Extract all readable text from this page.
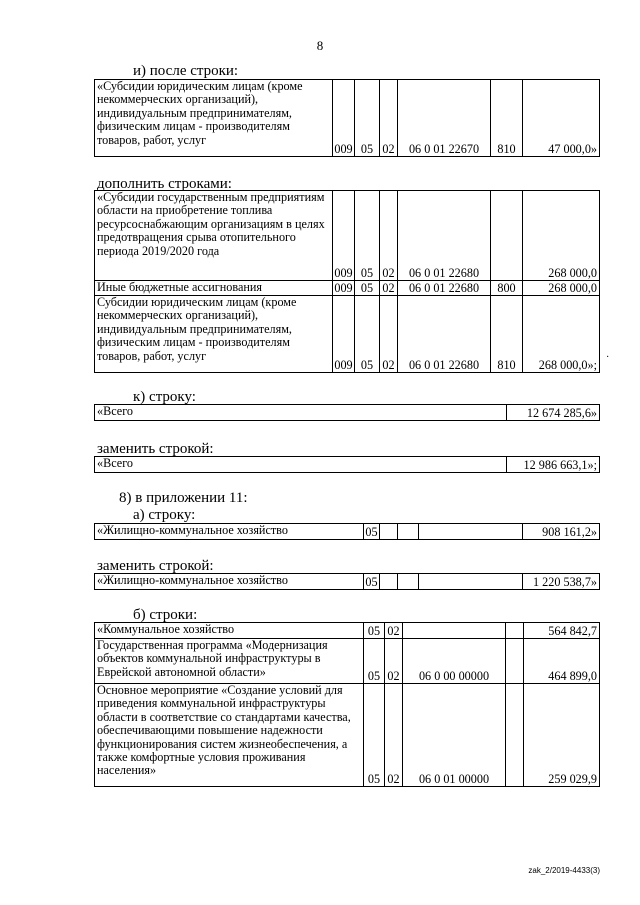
8
и) после строки:
«Субсидии юридическим лицам (кроме некоммерческих организаций), индивидуальным предпринимателям, физическим лицам - производителям товаров, работ, услуг	009	05	02	06 0 01 22670	810	47 000,0»
дополнить строками:
«Субсидии государственным предприятиям области на приобретение топлива ресурсоснабжающим организациям в целях предотвращения срыва отопительного периода 2019/2020 года	009	05	02	06 0 01 22680		268 000,0
Иные бюджетные ассигнования	009	05	02	06 0 01 22680	800	268 000,0
Субсидии юридическим лицам (кроме некоммерческих организаций), индивидуальным предпринимателям, физическим лицам - производителям товаров, работ, услуг	009	05	02	06 0 01 22680	810	268 000,0»;
·
к) строку:
«Всего	12 674 285,6»
заменить строкой:
«Всего	12 986 663,1»;
8) в приложении 11:
а) строку:
«Жилищно-коммунальное хозяйство	05				908 161,2»
заменить строкой:
«Жилищно-коммунальное хозяйство	05				1 220 538,7»
б) строки:
«Коммунальное хозяйство	05	02			564 842,7
Государственная программа «Модернизация объектов коммунальной инфраструктуры в Еврейской автономной области»	05	02	06 0 00 00000		464 899,0
Основное мероприятие «Создание условий для приведения коммунальной инфраструктуры области в соответствие со стандартами качества, обеспечивающими повышение надежности функционирования систем жизнеобеспечения, а также комфортные условия проживания населения»	05	02	06 0 01 00000		259 029,9
zak_2/2019-4433(3)
